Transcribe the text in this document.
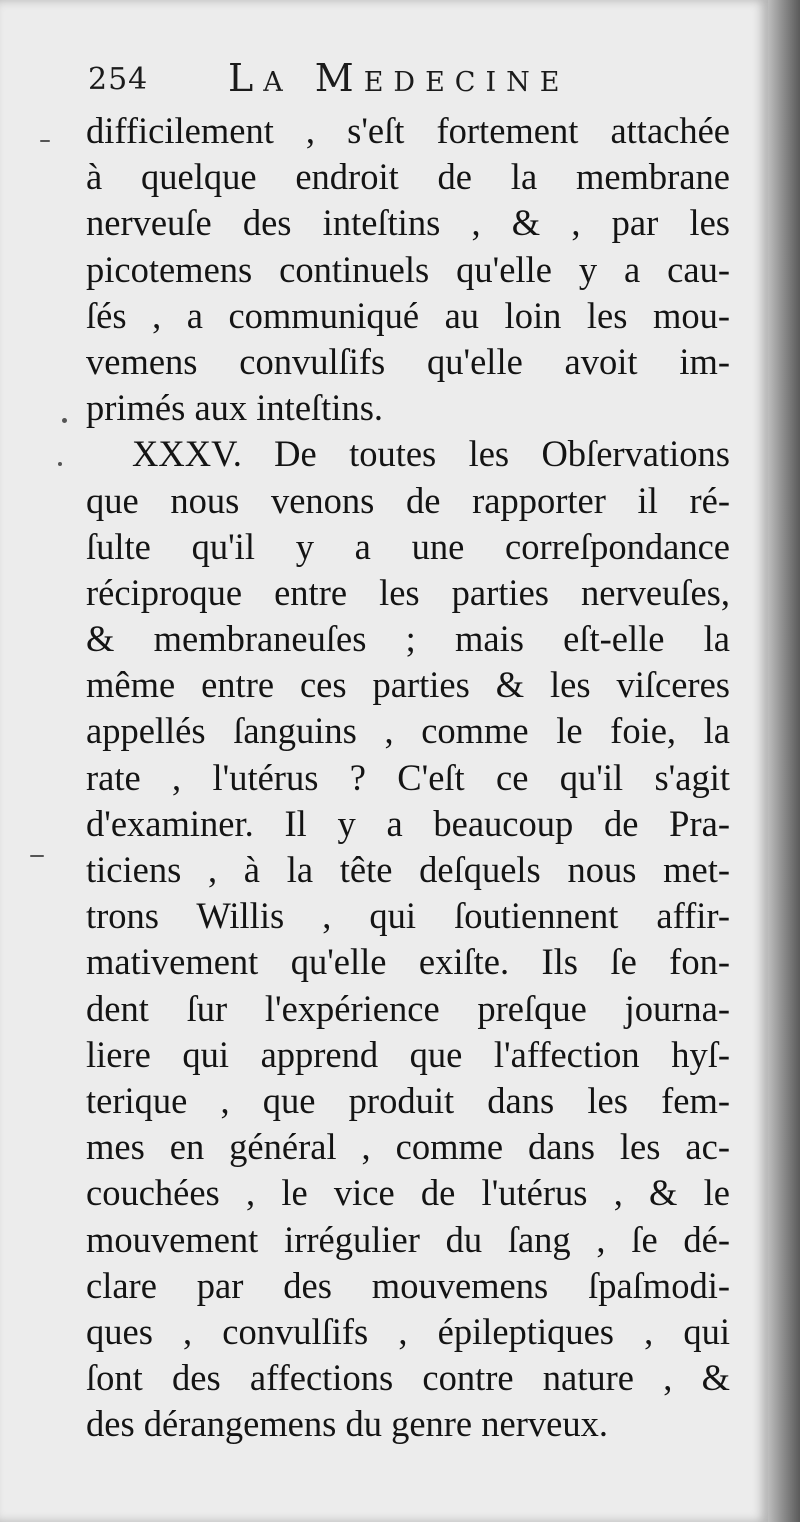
254 La Medecine
difficilement , s'eſt fortement attachée
à quelque endroit de la membrane
nerveuſe des inteſtins , & , par les
picotemens continuels qu'elle y a cau-
ſés , a communiqué au loin les mou-
vemens convulſifs qu'elle avoit im-
primés aux inteſtins.
XXXV. De toutes les Obſervations
que nous venons de rapporter il ré-
ſulte qu'il y a une correſpondance
réciproque entre les parties nerveuſes,
& membraneuſes ; mais eſt-elle la
même entre ces parties & les viſceres
appellés ſanguins , comme le foie, la
rate , l'utérus ? C'eſt ce qu'il s'agit
d'examiner. Il y a beaucoup de Pra-
ticiens , à la tête deſquels nous met-
trons Willis , qui ſoutiennent affir-
mativement qu'elle exiſte. Ils ſe fon-
dent ſur l'expérience preſque journa-
liere qui apprend que l'affection hyſ-
terique , que produit dans les fem-
mes en général , comme dans les ac-
couchées , le vice de l'utérus , & le
mouvement irrégulier du ſang , ſe dé-
clare par des mouvemens ſpaſmodi-
ques , convulſifs , épileptiques , qui
ſont des affections contre nature , &
des dérangemens du genre nerveux.
